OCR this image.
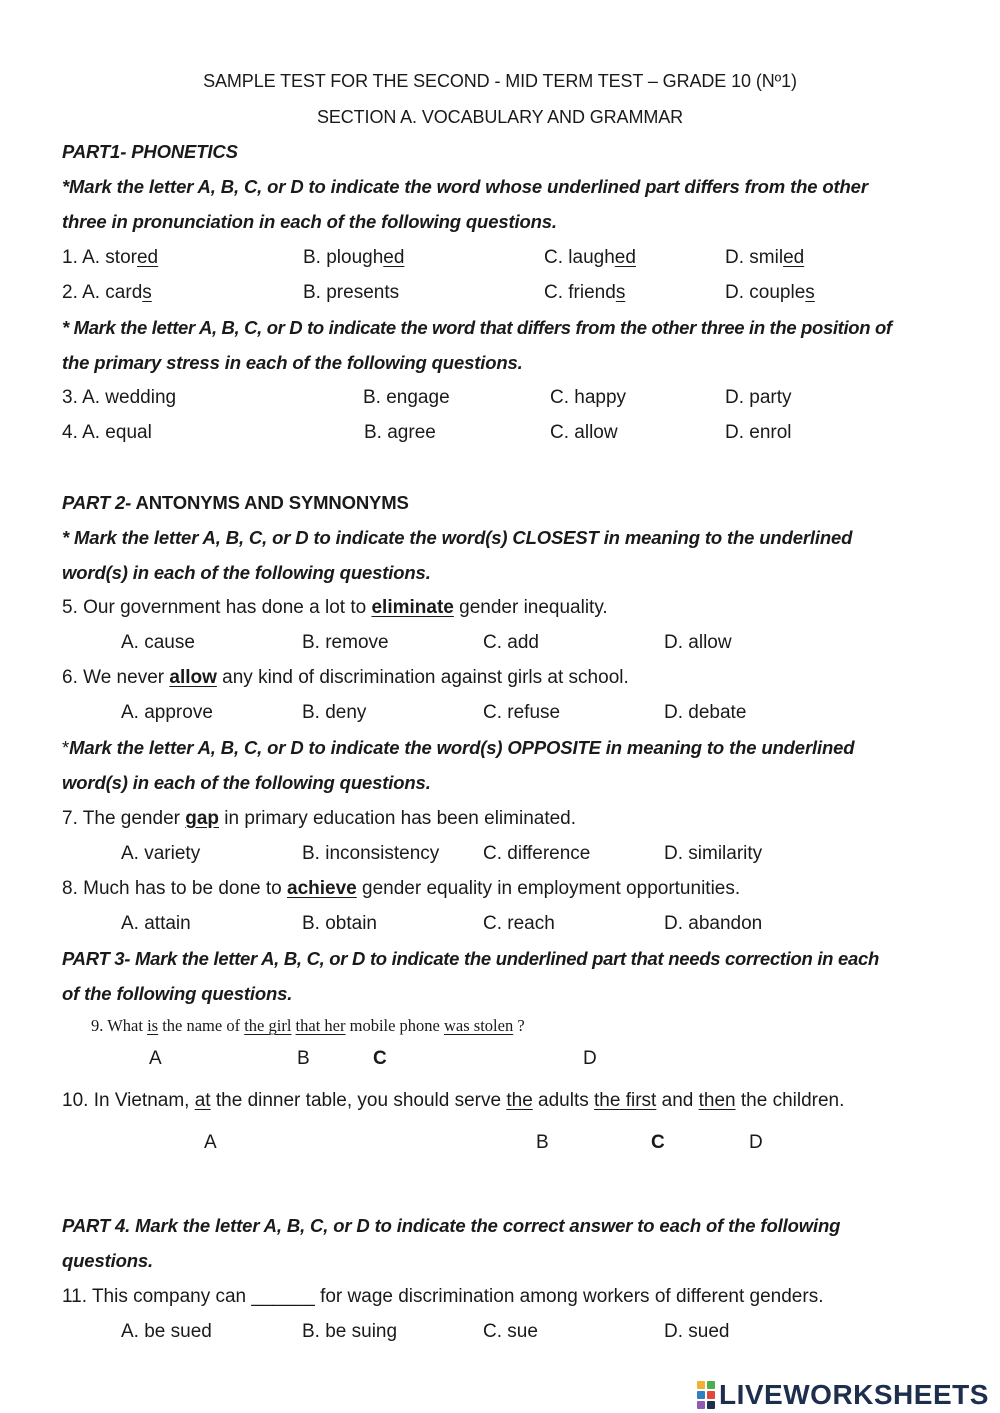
SAMPLE TEST FOR THE SECOND - MID TERM TEST – GRADE 10 (Nº1)
SECTION A. VOCABULARY AND GRAMMAR
PART1- PHONETICS
*Mark the letter A, B, C, or D to indicate the word whose underlined part differs from the other
three in pronunciation in each of the following questions.
1. A. stored	B. ploughed	C. laughed	D. smiled
2. A. cards	B. presents	C. friends	D. couples
* Mark the letter A, B, C, or D to indicate the word that differs from the other three in the position of
the primary stress in each of the following questions.
3. A. wedding	B. engage	C. happy	D. party
4. A. equal	B. agree	C. allow	D. enrol
PART 2- ANTONYMS AND SYMNONYMS
* Mark the letter A, B, C, or D to indicate the word(s) CLOSEST in meaning to the underlined
word(s) in each of the following questions.
5. Our government has done a lot to eliminate gender inequality.
A. cause	B. remove	C. add	D. allow
6. We never allow any kind of discrimination against girls at school.
A. approve	B. deny	C. refuse	D. debate
*Mark the letter A, B, C, or D to indicate the word(s) OPPOSITE in meaning to the underlined
word(s) in each of the following questions.
7. The gender gap in primary education has been eliminated.
A. variety	B. inconsistency C. difference	D. similarity
8. Much has to be done to achieve gender equality in employment opportunities.
A. attain	B. obtain	C. reach	D. abandon
PART 3- Mark the letter A, B, C, or D to indicate the underlined part that needs correction in each
of the following questions.
9. What is the name of the girl that her mobile phone was stolen ?
A	B	C	D
10. In Vietnam, at the dinner table, you should serve the adults the first and then the children.
A	B	C	D
PART 4. Mark the letter A, B, C, or D to indicate the correct answer to each of the following
questions.
11. This company can ______ for wage discrimination among workers of different genders.
A. be sued	B. be suing	C. sue	D. sued
LIVEWORKSHEETS
